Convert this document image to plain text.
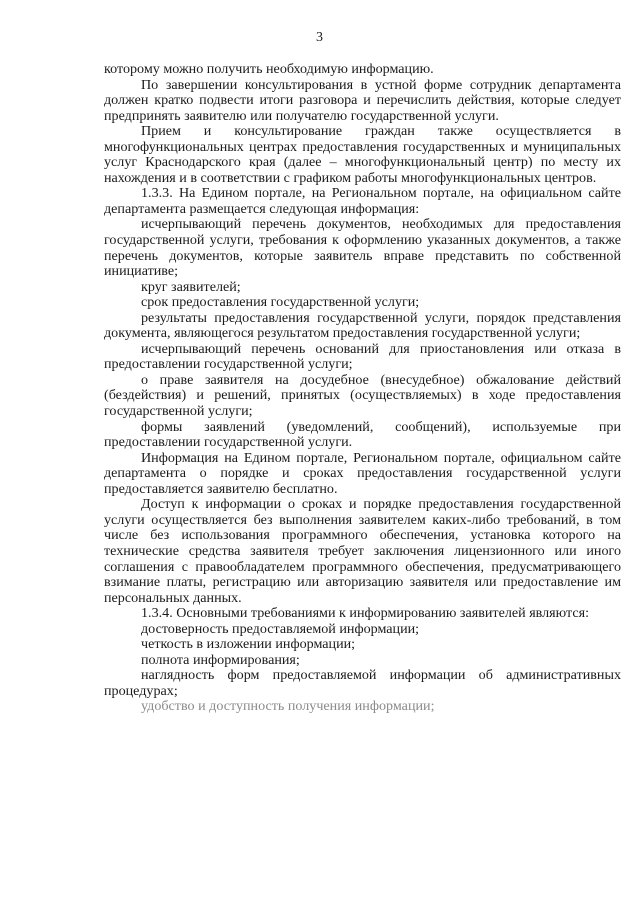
3

которому можно получить необходимую информацию.

По завершении консультирования в устной форме сотрудник департамента должен кратко подвести итоги разговора и перечислить действия, которые следует предпринять заявителю или получателю государственной услуги.

Прием и консультирование граждан также осуществляется в многофункциональных центрах предоставления государственных и муниципальных услуг Краснодарского края (далее – многофункциональный центр) по месту их нахождения и в соответствии с графиком работы многофункциональных центров.

1.3.3. На Едином портале, на Региональном портале, на официальном сайте департамента размещается следующая информация:

исчерпывающий перечень документов, необходимых для предоставления государственной услуги, требования к оформлению указанных документов, а также перечень документов, которые заявитель вправе представить по собственной инициативе;

круг заявителей;

срок предоставления государственной услуги;

результаты предоставления государственной услуги, порядок представления документа, являющегося результатом предоставления государственной услуги;

исчерпывающий перечень оснований для приостановления или отказа в предоставлении государственной услуги;

о праве заявителя на досудебное (внесудебное) обжалование действий (бездействия) и решений, принятых (осуществляемых) в ходе предоставления государственной услуги;

формы заявлений (уведомлений, сообщений), используемые при предоставлении государственной услуги.

Информация на Едином портале, Региональном портале, официальном сайте департамента о порядке и сроках предоставления государственной услуги предоставляется заявителю бесплатно.

Доступ к информации о сроках и порядке предоставления государственной услуги осуществляется без выполнения заявителем каких-либо требований, в том числе без использования программного обеспечения, установка которого на технические средства заявителя требует заключения лицензионного или иного соглашения с правообладателем программного обеспечения, предусматривающего взимание платы, регистрацию или авторизацию заявителя или предоставление им персональных данных.

1.3.4. Основными требованиями к информированию заявителей являются:

достоверность предоставляемой информации;

четкость в изложении информации;

полнота информирования;

наглядность форм предоставляемой информации об административных процедурах;

удобство и доступность получения информации;
